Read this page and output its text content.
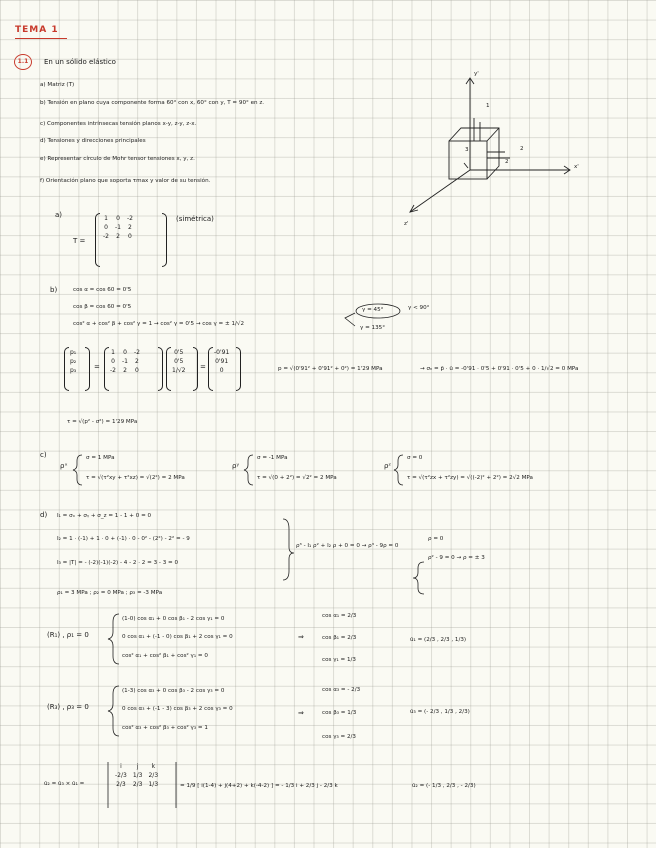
TEMA 1
1.1	En un sólido elástico
a) Matriz (T)
b) Tensión en plano cuya componente forma 60° con x, 60° con y, T = 90° en z.
c) Componentes intrínsecas tensión planos x-y, z-y, z-x.
d) Tensiones y direcciones principales
e) Representar círculo de Mohr tensor tensiones x, y, z.
f) Orientación plano que soporta τmax y valor de su tensión.
y'
x'
z'
1
2
3
2
a)
T =
1	0	-2
0	-1	2
-2	2	0
(simétrica)
b)	cos α = cos 60 = 0'5
cos β = cos 60 = 0'5
cos² α + cos² β + cos² γ = 1 → cos² γ = 0'5 → cos γ = ± 1/√2
γ = 45°
γ = 135°
γ < 90°
p₁
p₂
p₃	=
1	0	-2
0	-1	2
-2	2	0
0'5
0'5
1/√2 =
-0'91
0'91
0	p = √(0'91² + 0'91² + 0²) = 1'29 MPa	→ σₙ = p̄ · ū = -0'91 · 0'5 + 0'91 · 0'5 + 0 · 1/√2 = 0 MPa
τ = √(p² - σ²) = 1'29 MPa
c)
ρˣ
σ = 1 MPa
τ = √(τ²xy + τ²xz) = √(2²) = 2 MPa
ρʸ
σ = -1 MPa
τ = √(0 + 2²) = √2² = 2 MPa
ρᶻ
σ = 0
τ = √(τ²zx + τ²zy) = √((-2)² + 2²) = 2√2 MPa
d) I₁ = σₓ + σᵧ + σ_z = 1 - 1 + 0 = 0
I₂ = 1 · (-1) + 1 · 0 + (-1) · 0 - 0² - (2²) - 2² = - 9
I₃ = |T| = - (-2)(-1)(-2) - 4 - 2 · 2 = 3 - 3 = 0
ρ³ - I₁ ρ² + I₂ ρ + 0 = 0 → ρ³ - 9ρ = 0
ρ = 0
ρ² - 9 = 0 → ρ = ± 3
ρ₁ = 3 MPa ; ρ₂ = 0 MPa ; ρ₃ = -3 MPa
(R₁) , ρ₁ = 0
(1-0) cos α₁ + 0 cos β₁ - 2 cos γ₁ = 0
0 cos α₁ + (-1 - 0) cos β₁ + 2 cos γ₁ = 0
cos² α₁ + cos² β₁ + cos² γ₁ = 0
⇒
cos α₁ = 2/3
cos β₁ = 2/3
cos γ₁ = 1/3
ū₁ = (2/3 , 2/3 , 1/3)
(R₃) , ρ₃ = 0
(1-3) cos α₃ + 0 cos β₃ - 2 cos γ₃ = 0
0 cos α₃ + (-1 - 3) cos β₃ + 2 cos γ₃ = 0
cos² α₃ + cos² β₃ + cos² γ₃ = 1
⇒
cos α₃ = - 2/3
cos β₃ = 1/3
cos γ₃ = 2/3
ū₃ = (- 2/3 , 1/3 , 2/3)
ū₂ = ū₃ × ū₁ =
i	j	k
-2/3	1/3	2/3
2/3	2/3	1/3	= 1/9 [ i(1-4) + j(4+2) + k(-4-2) ] = - 1/3 i + 2/3 j - 2/3 k	ū₂ = (- 1/3 , 2/3 , - 2/3)
